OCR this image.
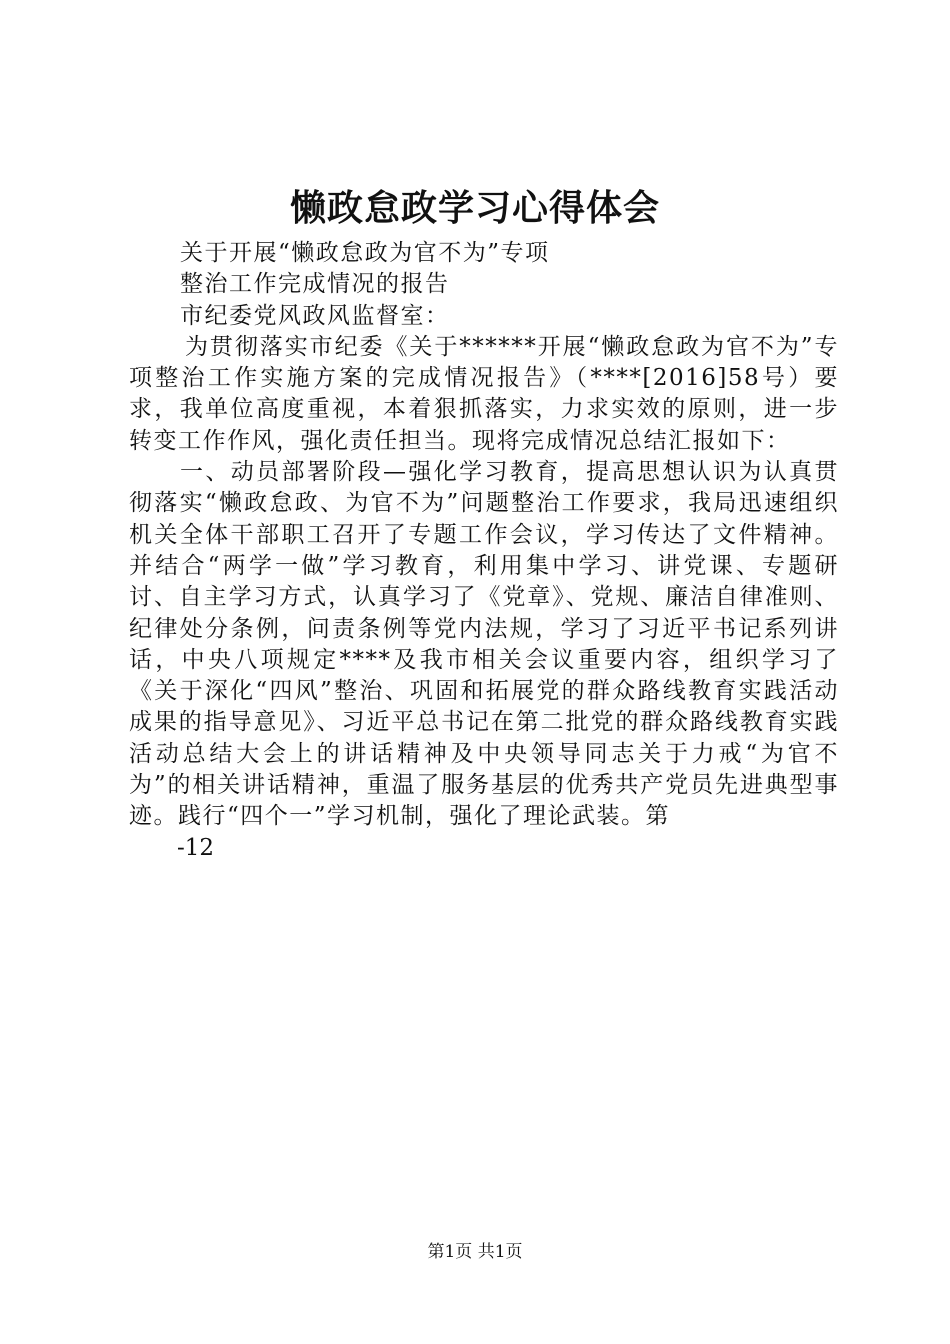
懒政怠政学习心得体会

关于开展“懒政怠政为官不为”专项

整治工作完成情况的报告

市纪委党风政风监督室：

为贯彻落实市纪委《关于******开展“懒政怠政为官不为”专项整治工作实施方案的完成情况报告》（****[2016]58号）要求，我单位高度重视，本着狠抓落实，力求实效的原则，进一步转变工作作风，强化责任担当。现将完成情况总结汇报如下：

一、动员部署阶段—强化学习教育，提高思想认识为认真贯彻落实“懒政怠政、为官不为”问题整治工作要求，我局迅速组织机关全体干部职工召开了专题工作会议，学习传达了文件精神。并结合“两学一做”学习教育，利用集中学习、讲党课、专题研讨、自主学习方式，认真学习了《党章》、党规、廉洁自律准则、纪律处分条例，问责条例等党内法规，学习了习近平书记系列讲话，中央八项规定****及我市相关会议重要内容，组织学习了《关于深化“四风”整治、巩固和拓展党的群众路线教育实践活动成果的指导意见》、习近平总书记在第二批党的群众路线教育实践活动总结大会上的讲话精神及中央领导同志关于力戒“为官不为”的相关讲话精神，重温了服务基层的优秀共产党员先进典型事迹。践行“四个一”学习机制，强化了理论武装。第

-12

第1页 共1页
